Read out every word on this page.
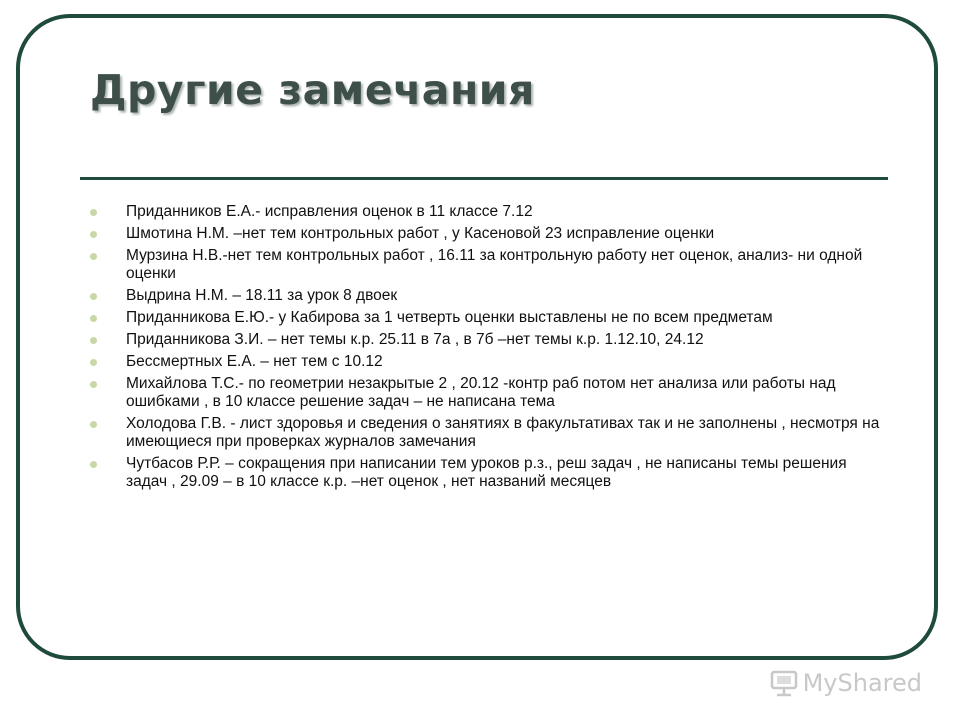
Другие замечания
Приданников Е.А.- исправления оценок в 11 классе 7.12
Шмотина Н.М. –нет тем контрольных работ , у Касеновой 23 исправление оценки
Мурзина Н.В.-нет тем контрольных работ , 16.11 за контрольную работу нет оценок, анализ- ни одной оценки
Выдрина Н.М. – 18.11 за урок 8 двоек
Приданникова Е.Ю.- у Кабирова за 1 четверть оценки выставлены не по всем предметам
Приданникова З.И. – нет темы к.р. 25.11 в 7а , в 7б –нет темы к.р. 1.12.10, 24.12
Бессмертных Е.А. – нет тем с 10.12
Михайлова Т.С.- по геометрии незакрытые 2 , 20.12 -контр раб потом нет анализа или работы над ошибками , в 10 классе решение задач – не написана тема
Холодова Г.В. - лист здоровья и сведения о занятиях в факультативах так и не заполнены , несмотря на имеющиеся при проверках журналов замечания
Чутбасов Р.Р. – сокращения при написании тем уроков р.з., реш задач , не написаны темы решения задач , 29.09 – в 10 классе к.р. –нет оценок , нет названий месяцев
MyShared
